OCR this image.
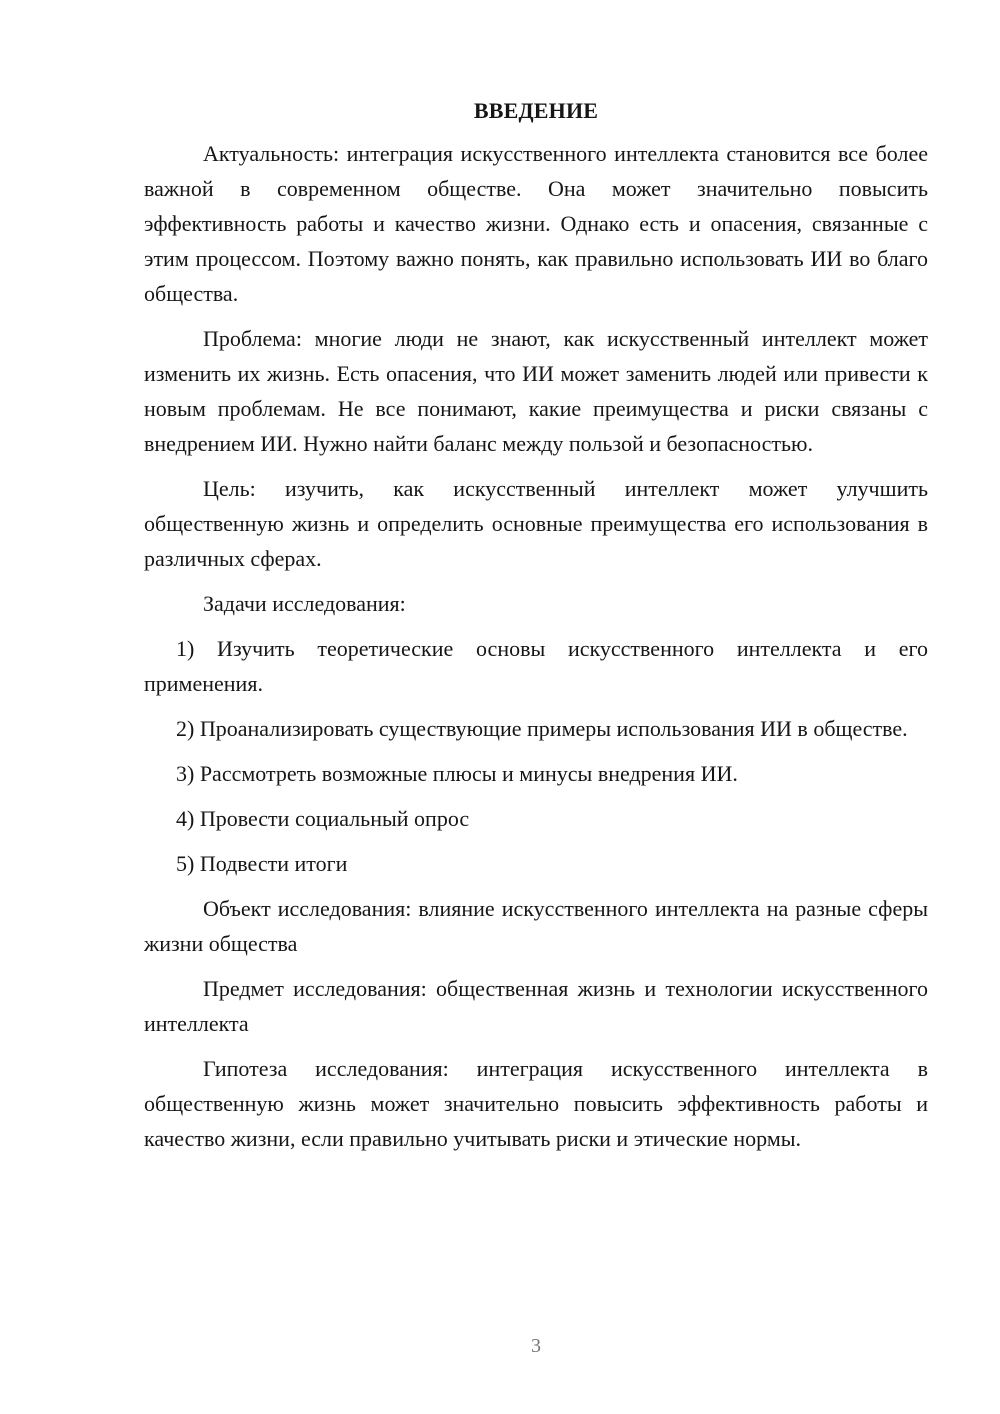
ВВЕДЕНИЕ

Актуальность: интеграция искусственного интеллекта становится все более важной в современном обществе. Она может значительно повысить эффективность работы и качество жизни. Однако есть и опасения, связанные с этим процессом. Поэтому важно понять, как правильно использовать ИИ во благо общества.

Проблема: многие люди не знают, как искусственный интеллект может изменить их жизнь. Есть опасения, что ИИ может заменить людей или привести к новым проблемам. Не все понимают, какие преимущества и риски связаны с внедрением ИИ. Нужно найти баланс между пользой и безопасностью.

Цель: изучить, как искусственный интеллект может улучшить общественную жизнь и определить основные преимущества его использования в различных сферах.

Задачи исследования:

1) Изучить теоретические основы искусственного интеллекта и его применения.

2) Проанализировать существующие примеры использования ИИ в обществе.

3) Рассмотреть возможные плюсы и минусы внедрения ИИ.

4) Провести социальный опрос

5) Подвести итоги

Объект исследования: влияние искусственного интеллекта на разные сферы жизни общества

Предмет исследования: общественная жизнь и технологии искусственного интеллекта

Гипотеза исследования: интеграция искусственного интеллекта в общественную жизнь может значительно повысить эффективность работы и качество жизни, если правильно учитывать риски и этические нормы.

3
